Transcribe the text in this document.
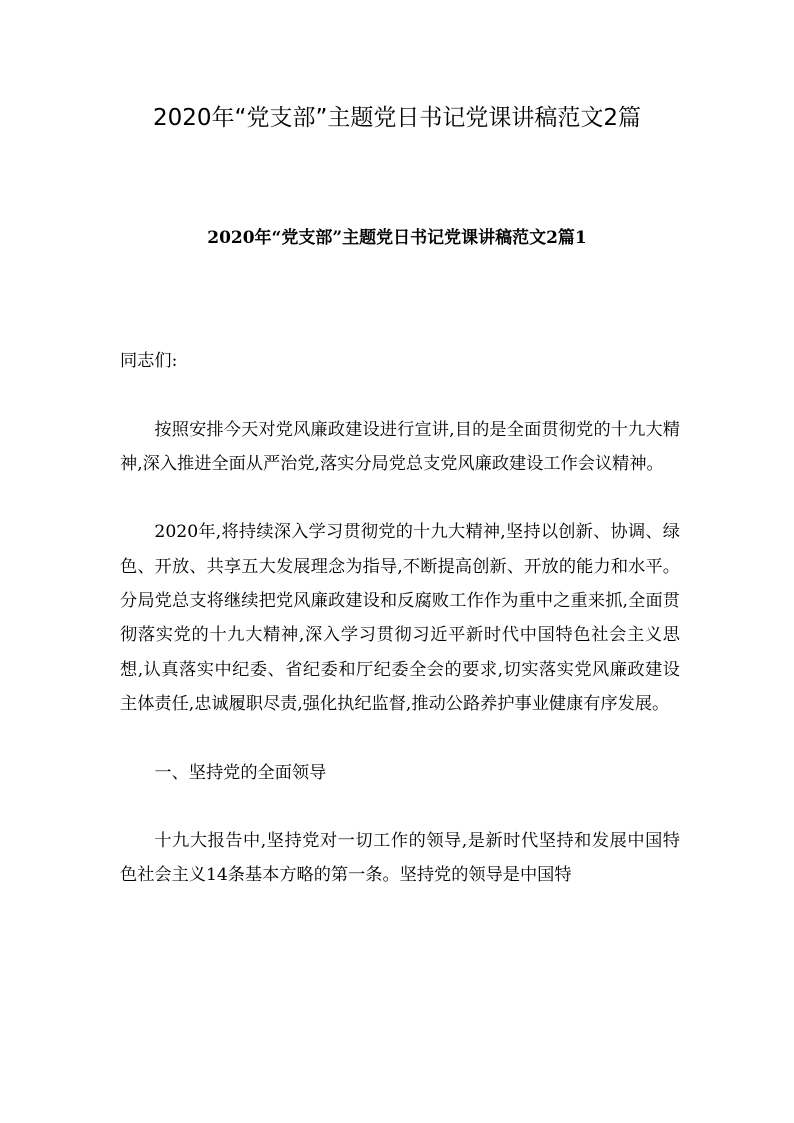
2020年“党支部”主题党日书记党课讲稿范文2篇
2020年“党支部”主题党日书记党课讲稿范文2篇1

同志们:

按照安排今天对党风廉政建设进行宣讲,目的是全面贯彻党的十九大精神,深入推进全面从严治党,落实分局党总支党风廉政建设工作会议精神。

2020年,将持续深入学习贯彻党的十九大精神,坚持以创新、协调、绿色、开放、共享五大发展理念为指导,不断提高创新、开放的能力和水平。分局党总支将继续把党风廉政建设和反腐败工作作为重中之重来抓,全面贯彻落实党的十九大精神,深入学习贯彻习近平新时代中国特色社会主义思想,认真落实中纪委、省纪委和厅纪委全会的要求,切实落实党风廉政建设主体责任,忠诚履职尽责,强化执纪监督,推动公路养护事业健康有序发展。

一、坚持党的全面领导

十九大报告中,坚持党对一切工作的领导,是新时代坚持和发展中国特色社会主义14条基本方略的第一条。坚持党的领导是中国特
